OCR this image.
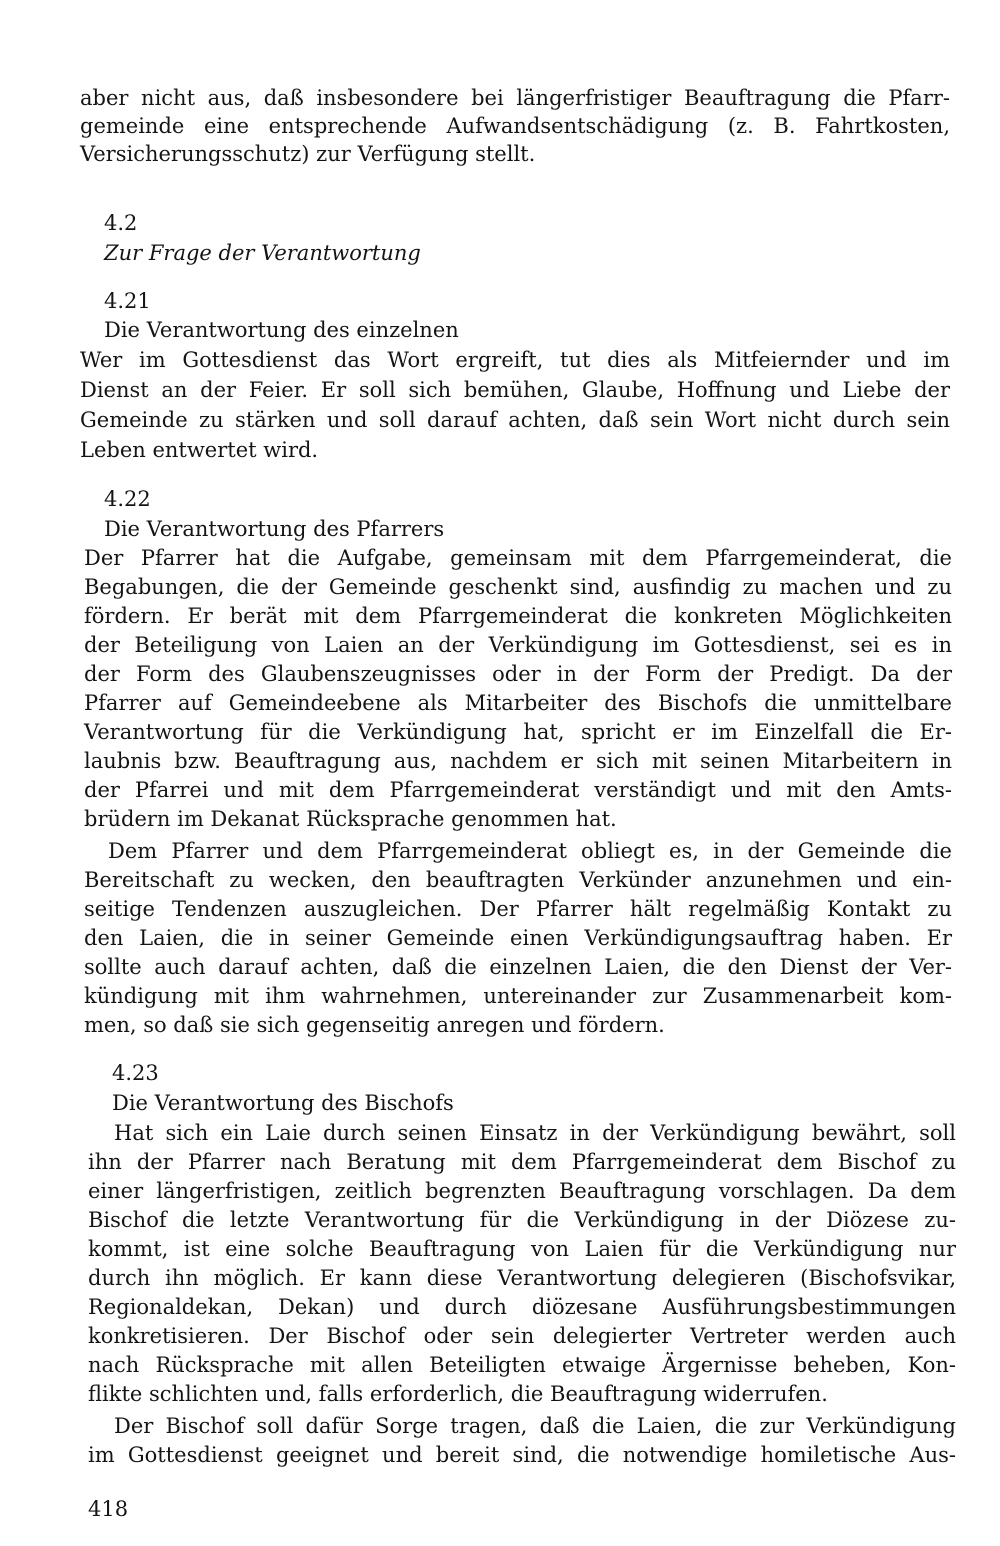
aber nicht aus, daß insbesondere bei längerfristiger Beauftragung die Pfarr-
gemeinde eine entsprechende Aufwandsentschädigung (z. B. Fahrtkosten,
Versicherungsschutz) zur Verfügung stellt.
4.2
Zur Frage der Verantwortung
4.21
Die Verantwortung des einzelnen
Wer im Gottesdienst das Wort ergreift, tut dies als Mitfeiernder und im
Dienst an der Feier. Er soll sich bemühen, Glaube, Hoffnung und Liebe der
Gemeinde zu stärken und soll darauf achten, daß sein Wort nicht durch sein
Leben entwertet wird.
4.22
Die Verantwortung des Pfarrers
Der Pfarrer hat die Aufgabe, gemeinsam mit dem Pfarrgemeinderat, die
Begabungen, die der Gemeinde geschenkt sind, ausfindig zu machen und zu
fördern. Er berät mit dem Pfarrgemeinderat die konkreten Möglichkeiten
der Beteiligung von Laien an der Verkündigung im Gottesdienst, sei es in
der Form des Glaubenszeugnisses oder in der Form der Predigt. Da der
Pfarrer auf Gemeindeebene als Mitarbeiter des Bischofs die unmittelbare
Verantwortung für die Verkündigung hat, spricht er im Einzelfall die Er-
laubnis bzw. Beauftragung aus, nachdem er sich mit seinen Mitarbeitern in
der Pfarrei und mit dem Pfarrgemeinderat verständigt und mit den Amts-
brüdern im Dekanat Rücksprache genommen hat.
Dem Pfarrer und dem Pfarrgemeinderat obliegt es, in der Gemeinde die
Bereitschaft zu wecken, den beauftragten Verkünder anzunehmen und ein-
seitige Tendenzen auszugleichen. Der Pfarrer hält regelmäßig Kontakt zu
den Laien, die in seiner Gemeinde einen Verkündigungsauftrag haben. Er
sollte auch darauf achten, daß die einzelnen Laien, die den Dienst der Ver-
kündigung mit ihm wahrnehmen, untereinander zur Zusammenarbeit kom-
men, so daß sie sich gegenseitig anregen und fördern.
4.23
Die Verantwortung des Bischofs
Hat sich ein Laie durch seinen Einsatz in der Verkündigung bewährt, soll
ihn der Pfarrer nach Beratung mit dem Pfarrgemeinderat dem Bischof zu
einer längerfristigen, zeitlich begrenzten Beauftragung vorschlagen. Da dem
Bischof die letzte Verantwortung für die Verkündigung in der Diözese zu-
kommt, ist eine solche Beauftragung von Laien für die Verkündigung nur
durch ihn möglich. Er kann diese Verantwortung delegieren (Bischofsvikar,
Regionaldekan, Dekan) und durch diözesane Ausführungsbestimmungen
konkretisieren. Der Bischof oder sein delegierter Vertreter werden auch
nach Rücksprache mit allen Beteiligten etwaige Ärgernisse beheben, Kon-
flikte schlichten und, falls erforderlich, die Beauftragung widerrufen.
Der Bischof soll dafür Sorge tragen, daß die Laien, die zur Verkündigung
im Gottesdienst geeignet und bereit sind, die notwendige homiletische Aus-
418
